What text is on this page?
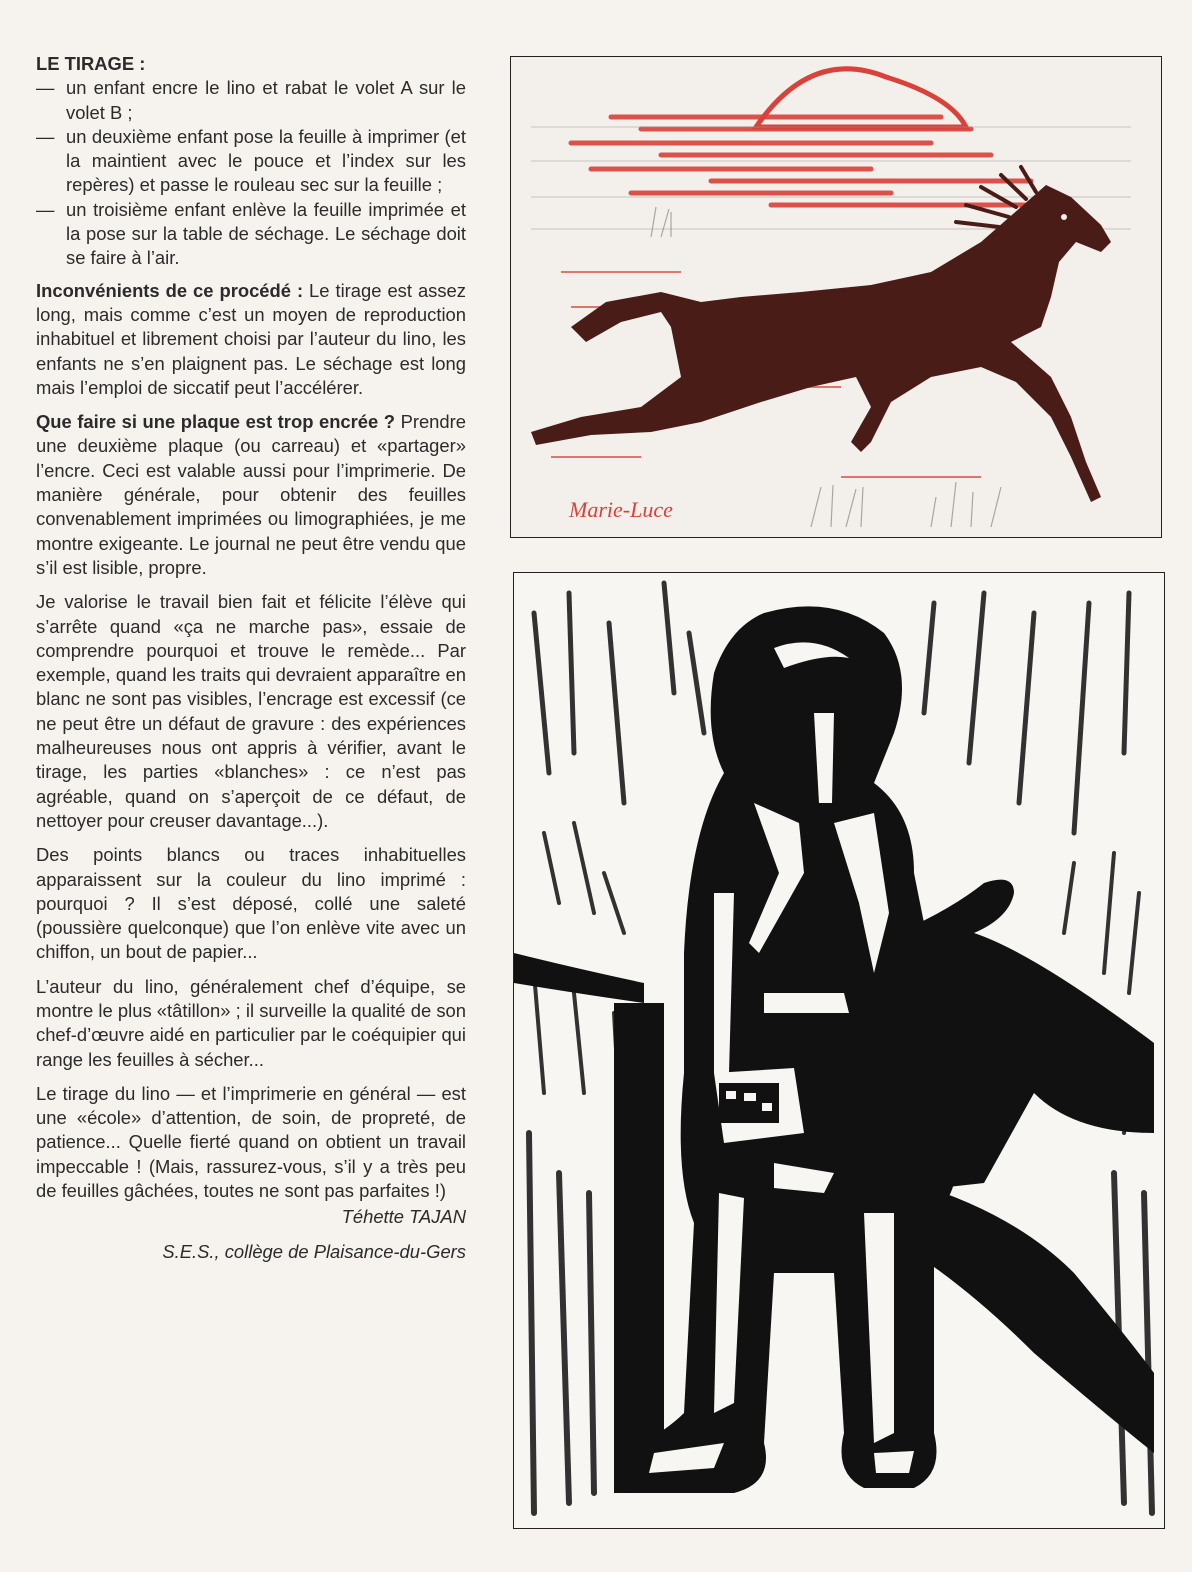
LE TIRAGE :
— un enfant encre le lino et rabat le volet A sur le volet B ;
— un deuxième enfant pose la feuille à imprimer (et la maintient avec le pouce et l’index sur les repères) et passe le rouleau sec sur la feuille ;
— un troisième enfant enlève la feuille imprimée et la pose sur la table de séchage. Le séchage doit se faire à l’air.

Inconvénients de ce procédé : Le tirage est assez long, mais comme c’est un moyen de reproduction inhabituel et librement choisi par l’auteur du lino, les enfants ne s’en plaignent pas. Le séchage est long mais l’emploi de siccatif peut l’accélérer.

Que faire si une plaque est trop encrée ? Prendre une deuxième plaque (ou carreau) et «partager» l’encre. Ceci est valable aussi pour l’imprimerie. De manière générale, pour obtenir des feuilles convenablement imprimées ou limographiées, je me montre exigeante. Le journal ne peut être vendu que s’il est lisible, propre.

Je valorise le travail bien fait et félicite l’élève qui s’arrête quand «ça ne marche pas», essaie de comprendre pourquoi et trouve le remède... Par exemple, quand les traits qui devraient apparaître en blanc ne sont pas visibles, l’encrage est excessif (ce ne peut être un défaut de gravure : des expériences malheureuses nous ont appris à vérifier, avant le tirage, les parties «blanches» : ce n’est pas agréable, quand on s’aperçoit de ce défaut, de nettoyer pour creuser davantage...).

Des points blancs ou traces inhabituelles apparaissent sur la couleur du lino imprimé : pourquoi ? Il s’est déposé, collé une saleté (poussière quelconque) que l’on enlève vite avec un chiffon, un bout de papier...

L’auteur du lino, généralement chef d’équipe, se montre le plus «tâtillon» ; il surveille la qualité de son chef-d’œuvre aidé en particulier par le coéquipier qui range les feuilles à sécher...

Le tirage du lino — et l’imprimerie en général — est une «école» d’attention, de soin, de propreté, de patience... Quelle fierté quand on obtient un travail impeccable ! (Mais, rassurez-vous, s’il y a très peu de feuilles gâchées, toutes ne sont pas parfaites !)

Téhette TAJAN

S.E.S., collège de Plaisance-du-Gers

Marie-Luce
